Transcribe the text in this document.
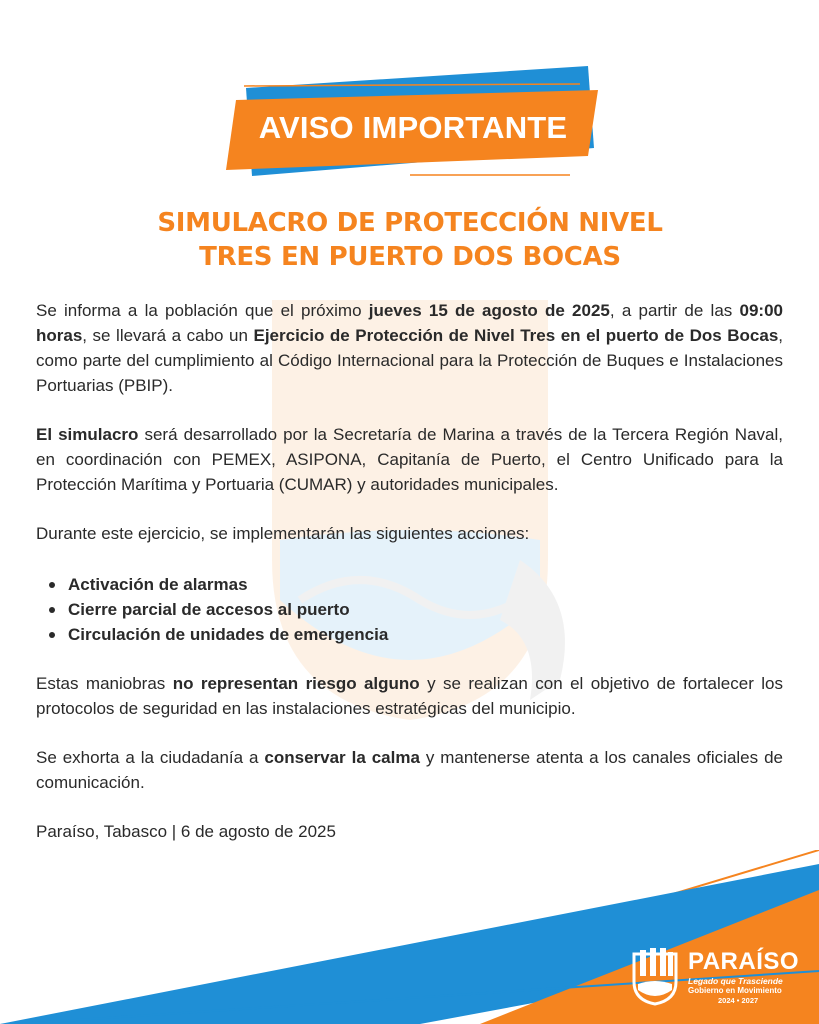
AVISO IMPORTANTE
SIMULACRO DE PROTECCIÓN NIVEL
TRES EN PUERTO DOS BOCAS

Se informa a la población que el próximo jueves 15 de agosto de 2025, a partir de las 09:00 horas, se llevará a cabo un Ejercicio de Protección de Nivel Tres en el puerto de Dos Bocas, como parte del cumplimiento al Código Internacional para la Protección de Buques e Instalaciones Portuarias (PBIP).

El simulacro será desarrollado por la Secretaría de Marina a través de la Tercera Región Naval, en coordinación con PEMEX, ASIPONA, Capitanía de Puerto, el Centro Unificado para la Protección Marítima y Portuaria (CUMAR) y autoridades municipales.

Durante este ejercicio, se implementarán las siguientes acciones:

Activación de alarmas
Cierre parcial de accesos al puerto
Circulación de unidades de emergencia

Estas maniobras no representan riesgo alguno y se realizan con el objetivo de fortalecer los protocolos de seguridad en las instalaciones estratégicas del municipio.

Se exhorta a la ciudadanía a conservar la calma y mantenerse atenta a los canales oficiales de comunicación.

Paraíso, Tabasco | 6 de agosto de 2025

PARAÍSO
Legado que Trasciende
Gobierno en Movimiento
2024 • 2027
